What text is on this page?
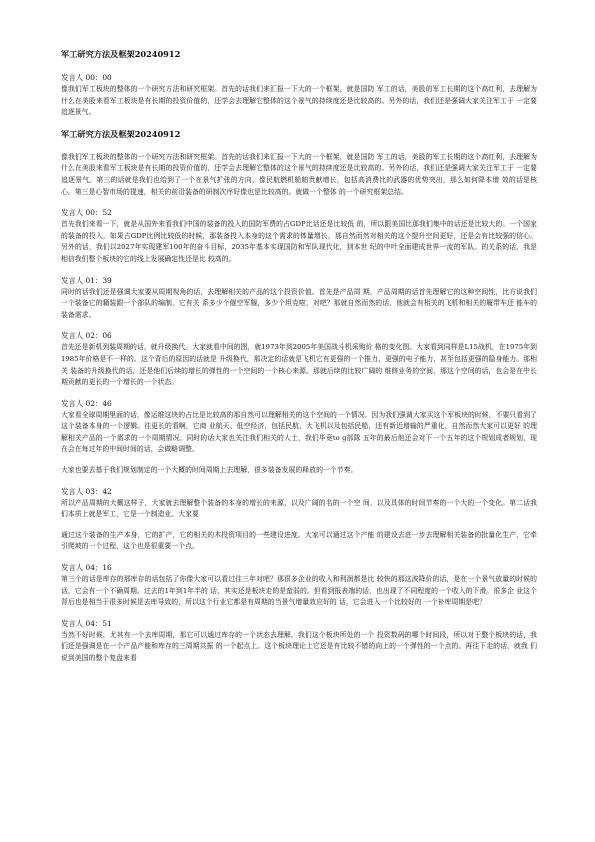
军工研究方法及框架20240912
发言人 00：00
像我们军工板块的整体的一个研究方法和研究框架。首先的话我们来汇报一下大的一个框架，就是国防 军工的话，美股的军工长期的这个高红利，去理解为什么在美股来看军工板块是有长期的投资价值的，还学会去理解它整体的这个景气的持续度还是比较高的。另外的话，我们还是强调大家关注军工于 一定要追逐景气。
军工研究方法及框架20240912
像我们军工板块的整体的一个研究方法和研究框架。首先的话我们来汇报一下大的一个框架，就是国防 军工的话，美股的军工长期的这个高红利，去理解为什么在美股来看军工板块是有长期的投资价值的，还学会去理解它整体的这个景气的持续度还是比较高的。另外的话，我们还是强调大家关注军工于 一定要追逐景气。第三的话就是我们也给到了一个在景气扩张的方向，像民航燃机船舶贵献增长，包括高消费比的武器的优势突出，那么如何降本增 效的话是核心。第三是心智市场的提速，相关的前沿装备的研制次序好像也是比较高的。就做一个整体 的一个研究框架总结。
发言人 00：52
首先我们来看一下，就是从国外来看我们中国的装备的投入的国防军费的占GDP比话还是比较低 的，所以跟美国比那我们集中的话还是比较大的。一个国家的装备的投入，如果占GDP比例比较低的时候，那装备投入本身的这个需求的体量增长，那自然而然对相关的这个提升空间更好，还是会有比较强的信心。另外的话，我们以2027年实现建军100年的奋斗目标，2035年基本实现国防和军队现代化，到本世 纪的中叶全面建成世界一流的军队。的关系的话，我是相信我们整个板块的它的线上发展确定性还是比 较高的。
发言人 01：39
同时的话我们还是强调大家要从周期视角的话，去理解相关的产品的这个投资价值。首先是产品周 期，产品周期的话首先理解它的这种空间性，比方说我们一个装备它的籍装跟一个部队的编制，它有关 系多少个舰空军舰，多少个坦克啦，对吧？那就自然而然的话，他就会有相关的飞机和相关的履带车还 能车的装备需求。
发言人 02：06
首先还是新机列装周期的话，就升级换代。大家就看中间的图，就1973年到2005年美国战斗机采购价 格的变化图。大家看到同样是L15战机，在1975年到1985年价格是不一样的。这个背后的原因的话就是 升级换代，那决定的话就是飞机它有更强的一个推力，更强的电子能力，甚至包括更强的隐身能力。那相关 装备的升级换代的话，还是他们后续的增长的弹性的一个空间的一个核心来源。那就后续的比较广阔的 维修业务的空间，那这个空间的话，也会是在中长期贡献的更长的一个增长的一个状态。
发言人 02：46
大家看全球周期里面的话，像运维这块的占比是比较高的那自然可以理解相关的这个空间的一个情况。因为我们强调大家买这个军板块的时候，不要只看到了这个装备本身的一个逻辑。往更长的看啊，它商 业航天、低空经济，包括民航、大飞机以及包括民船，还有新近增输的严重化，自然而然大家可以更好 的理解相关产品的一个需求的一个周期情况。同时的话大家也关注我们相关的人士，我们毕竟to g部隊 五年的最后他还会对下一个五年的这个规划成者规划，现在会在每过年的中间时间的话，会做略调整。
大家也要去基于我们规划制定的一个大概的时间周期上去理解，很多装备发展的释放的一个节奏。
发言人 03：42
所以产品周期的大概这样子，大家就去理解整个装备的本身的增长的来源，以及广阔的名的一个空 间，以及具体的时间节奏的一个大的一个变化。第二话我们本质上就是军工，它是一个制造业。大家要
通过这个装备的生产本身，它的扩产，它的相关的木投资项目的一些建设进度。大家可以通过这个产能 的建设去进一步去理解相关装备的批量化生产，它牵引爬坡的一个过程，这个也是很重要一个点。
发言人 04：16
第三个的话是库存的那库存的话包括了你像大家可以看过往三年对吧？那很多企业的收入和利润都是比 较快的那这波降价的话，是在一个景气放量的时候的话，它会有一个不确周期。过去的1年到1年半的 话，其实还是板块走的是蛮弱的。但看到报表端的话，也出现了不同程度的一个收入的下滑。很多企 业这个背后也是相当于很多时候是去库导致的，所以这个行业它都是有周期的当景气增量效应好的 话，它会进入一个比较好的 一个补库周期是吧？
发言人 04：51
当然不好时候，尤其有一个去库周期，那它可以通过库存的一个状态去理解。我们这个板块所处的一个 投资数码的哪个时间段，所以对于整个板块的话，我们还是强调是在一个产品产能和库存的三周期共振 的一个起点上。这个板块理论上它还是有比较不错的向上的一个弹性的一个点的。再往下走的话，就我 们说到美国的整个复盘来看
